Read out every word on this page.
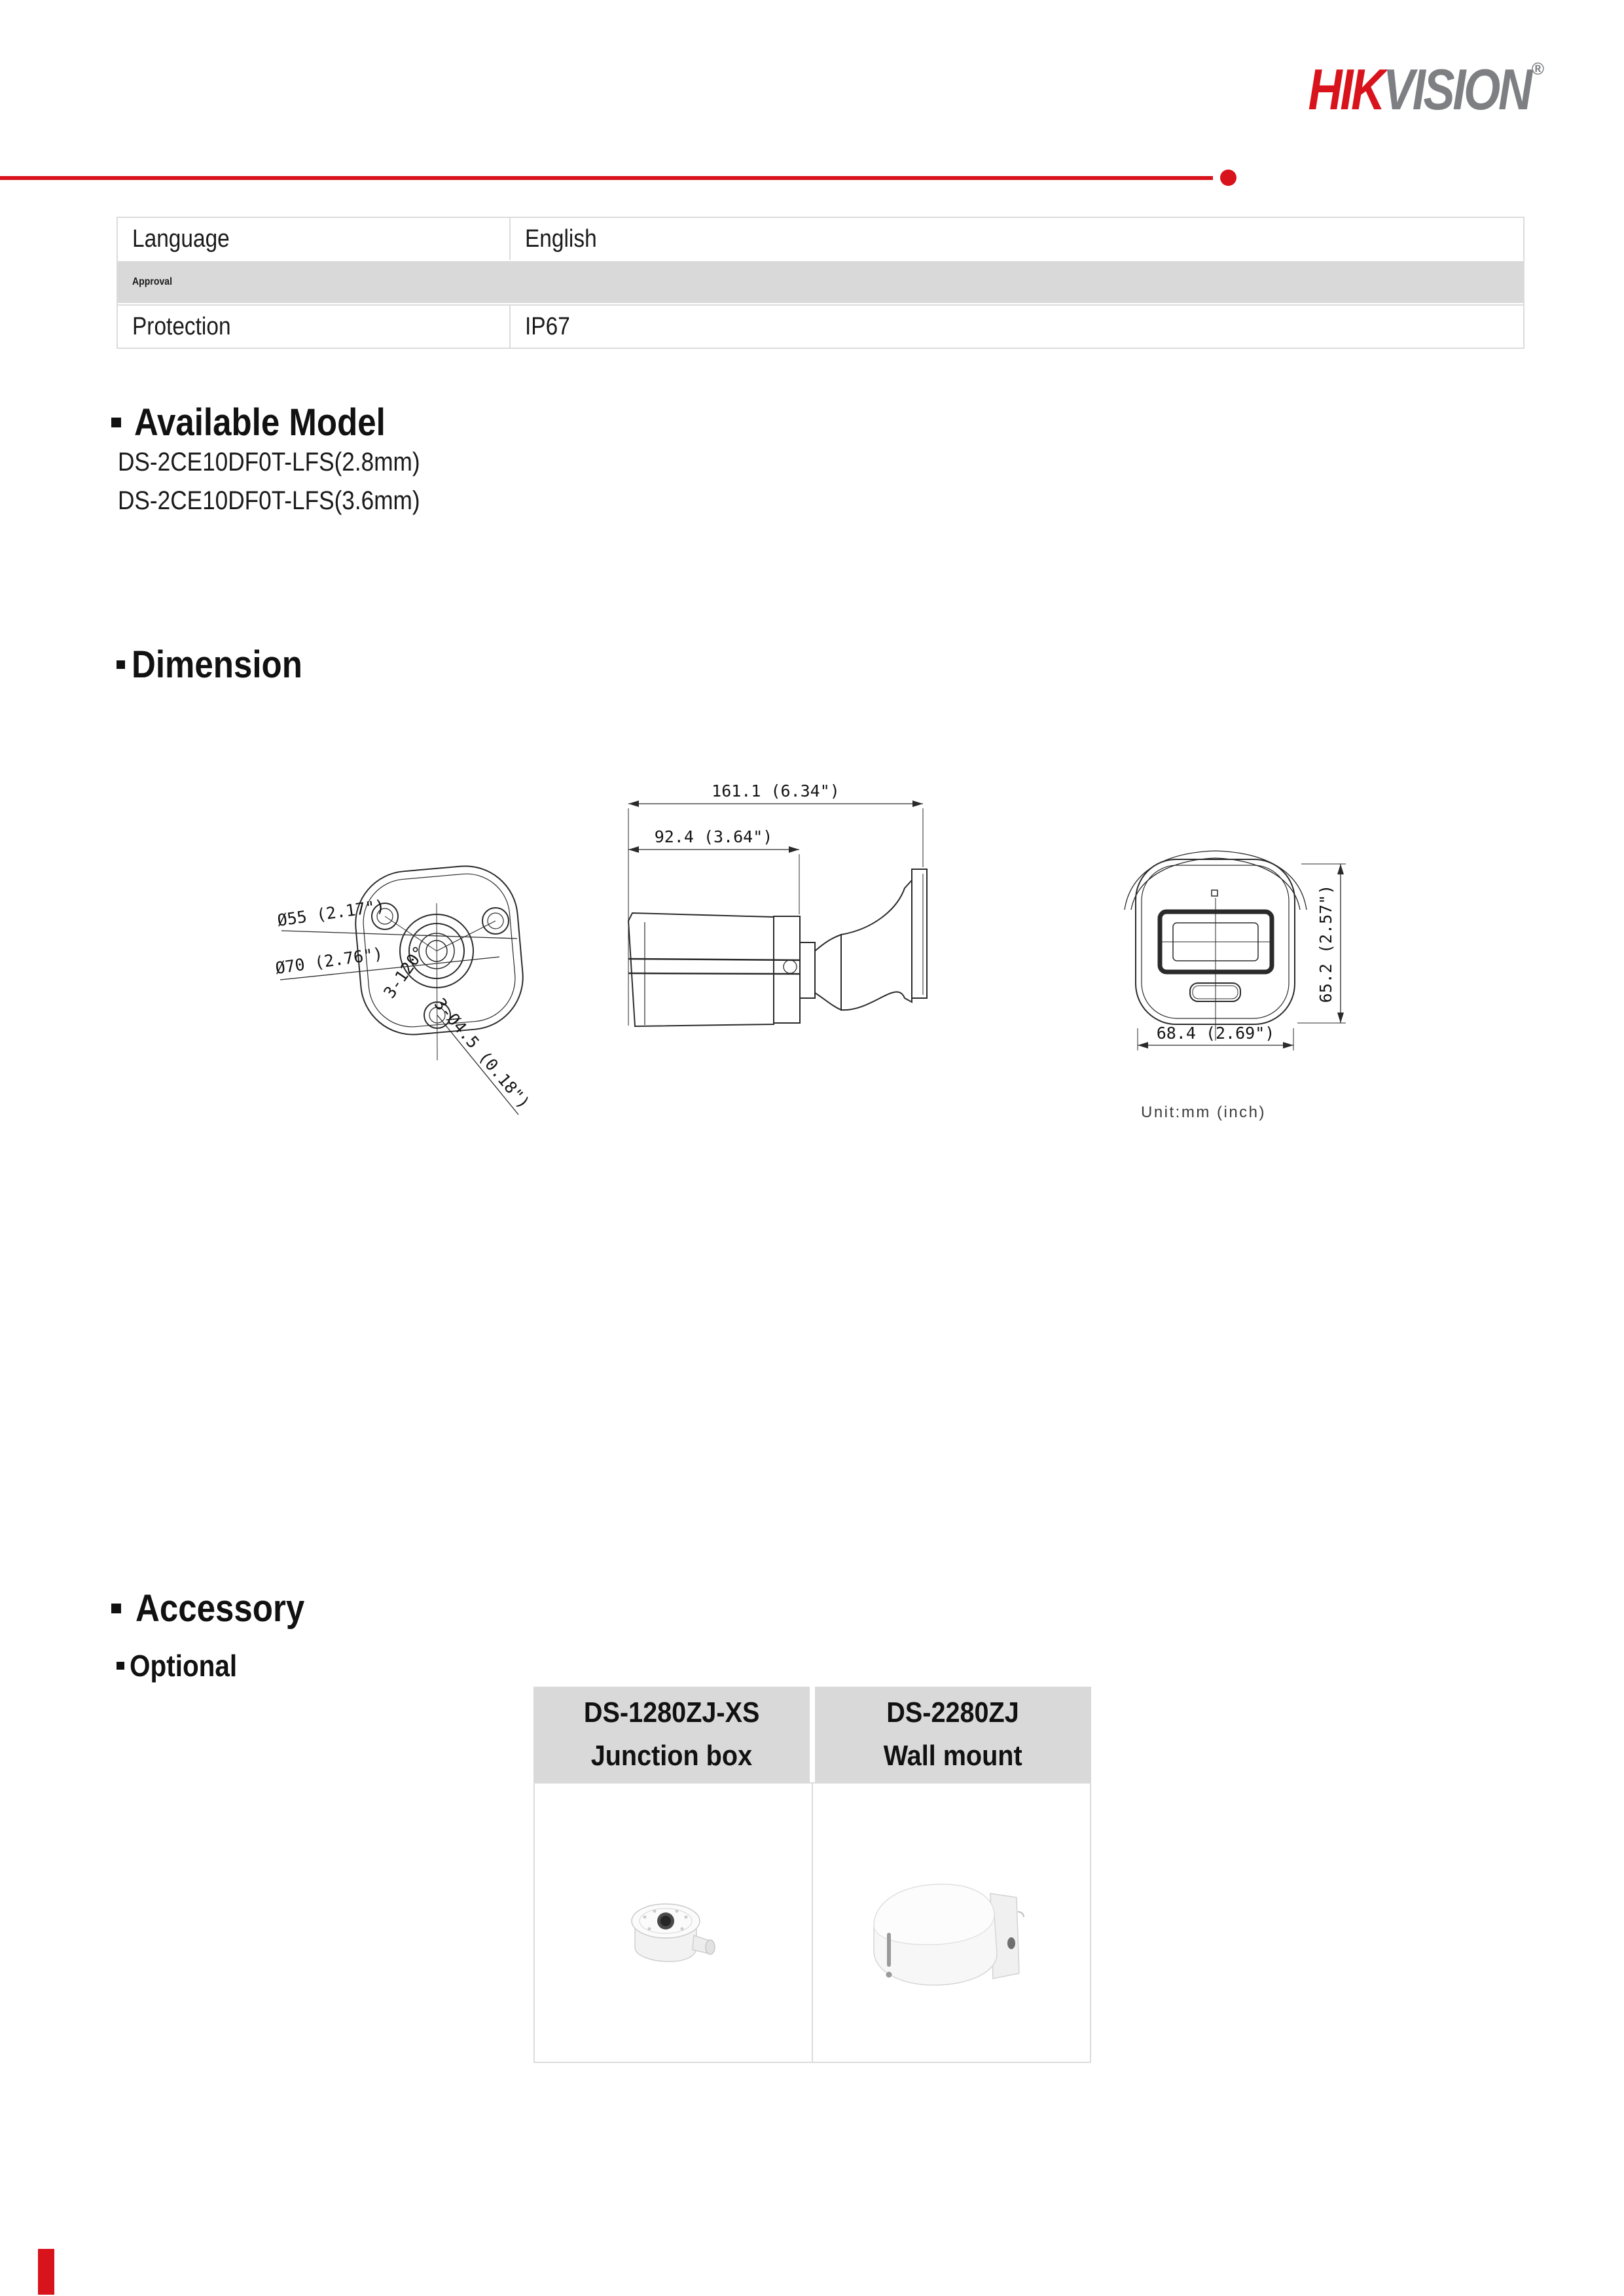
HIKVISION ®
Language	English
Approval
Protection	IP67
Available Model
DS-2CE10DF0T-LFS(2.8mm)
DS-2CE10DF0T-LFS(3.6mm)
Dimension
Ø55 (2.17")
Ø70 (2.76")
3-120°
3-Ø4.5 (0.18")
161.1 (6.34")
92.4 (3.64")
65.2 (2.57")
68.4 (2.69")
Unit:mm (inch)
Accessory
Optional
DS-1280ZJ-XS
Junction box
DS-2280ZJ
Wall mount
